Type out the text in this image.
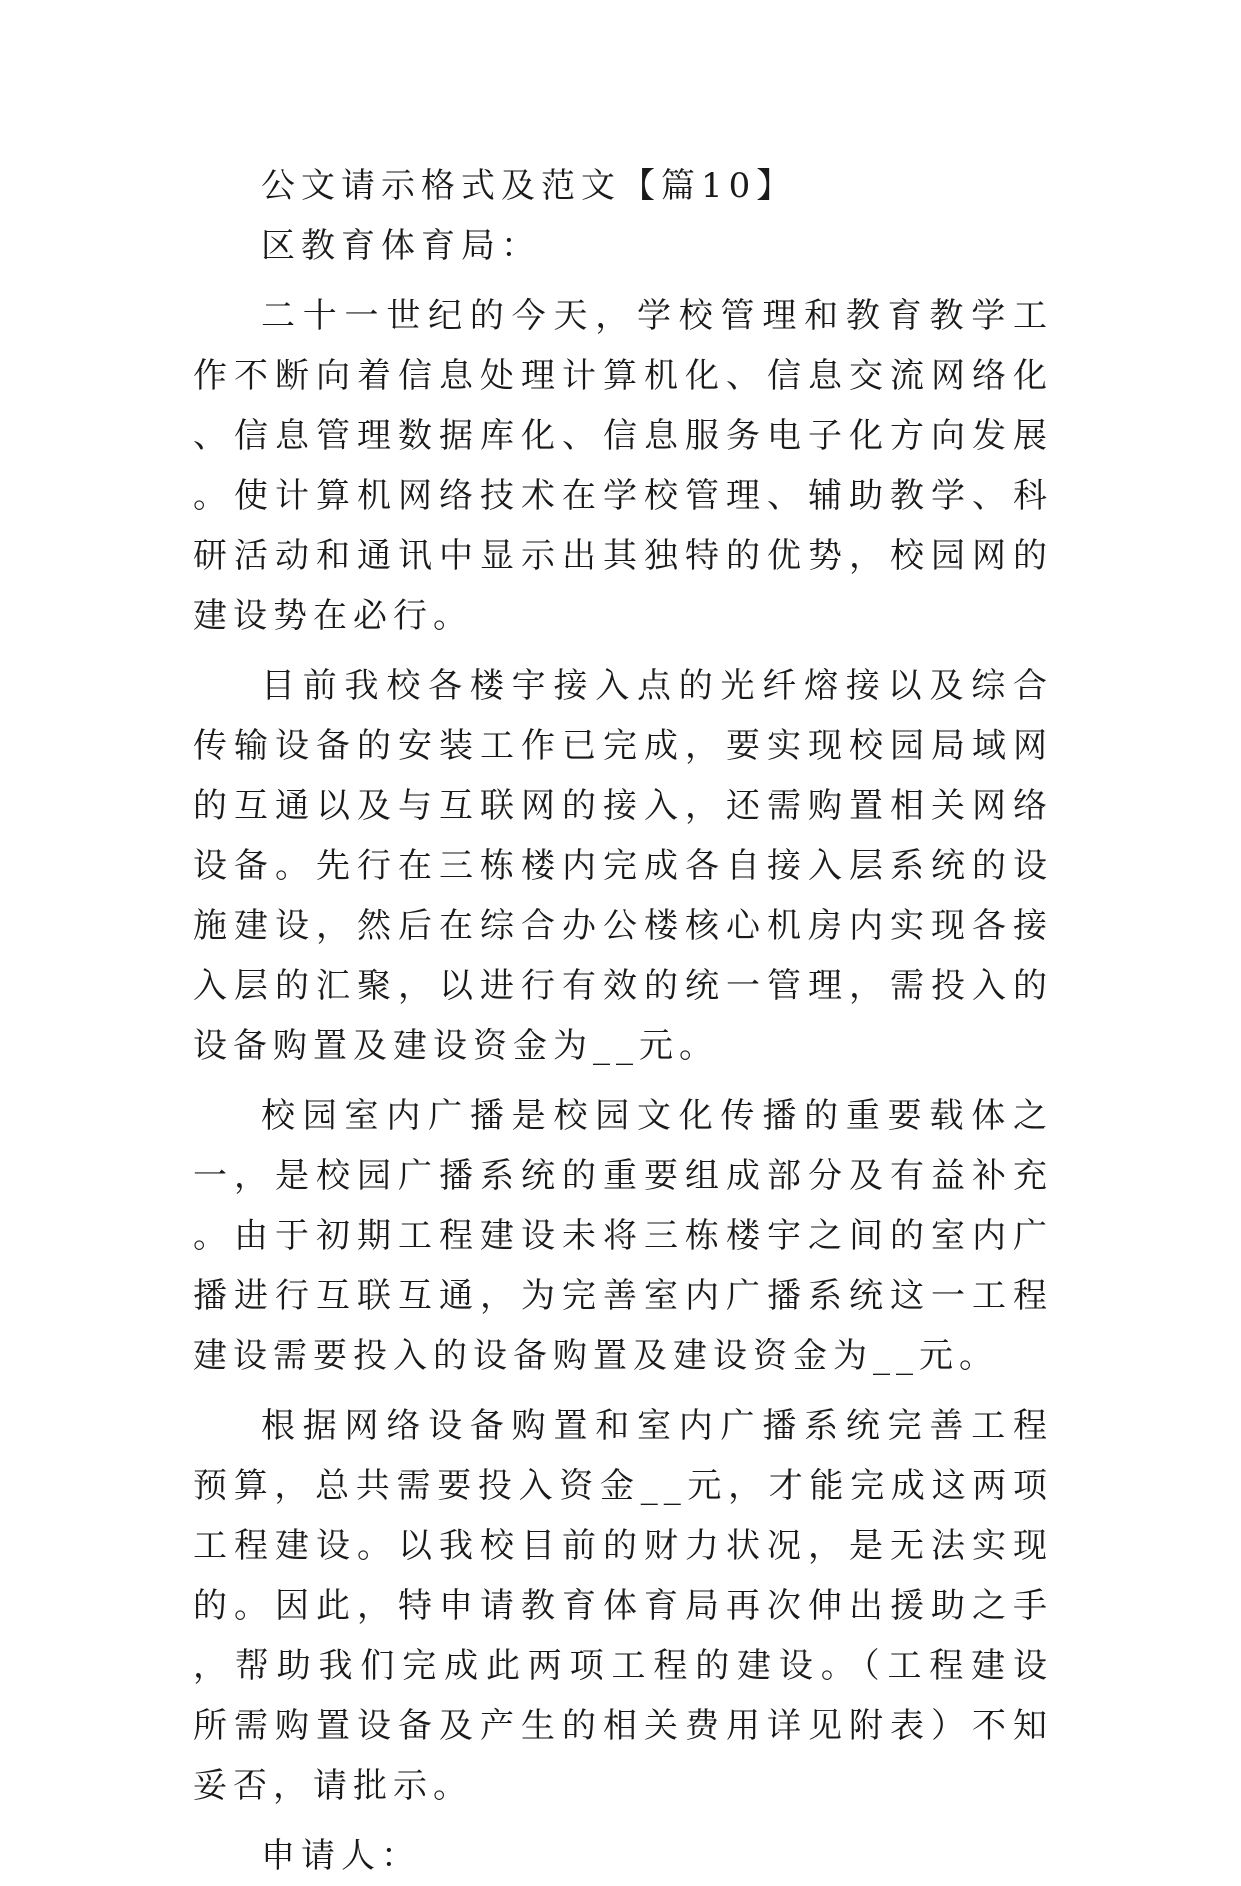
公文请示格式及范文【篇10】

区教育体育局：

二十一世纪的今天，学校管理和教育教学工作不断向着信息处理计算机化、信息交流网络化、信息管理数据库化、信息服务电子化方向发展。使计算机网络技术在学校管理、辅助教学、科研活动和通讯中显示出其独特的优势，校园网的建设势在必行。

目前我校各楼宇接入点的光纤熔接以及综合传输设备的安装工作已完成，要实现校园局域网的互通以及与互联网的接入，还需购置相关网络设备。先行在三栋楼内完成各自接入层系统的设施建设，然后在综合办公楼核心机房内实现各接入层的汇聚，以进行有效的统一管理，需投入的设备购置及建设资金为__元。

校园室内广播是校园文化传播的重要载体之一，是校园广播系统的重要组成部分及有益补充。由于初期工程建设未将三栋楼宇之间的室内广播进行互联互通，为完善室内广播系统这一工程建设需要投入的设备购置及建设资金为__元。

根据网络设备购置和室内广播系统完善工程预算，总共需要投入资金__元，才能完成这两项工程建设。以我校目前的财力状况，是无法实现的。因此，特申请教育体育局再次伸出援助之手，帮助我们完成此两项工程的建设。（工程建设所需购置设备及产生的相关费用详见附表）不知妥否，请批示。

申请人：
